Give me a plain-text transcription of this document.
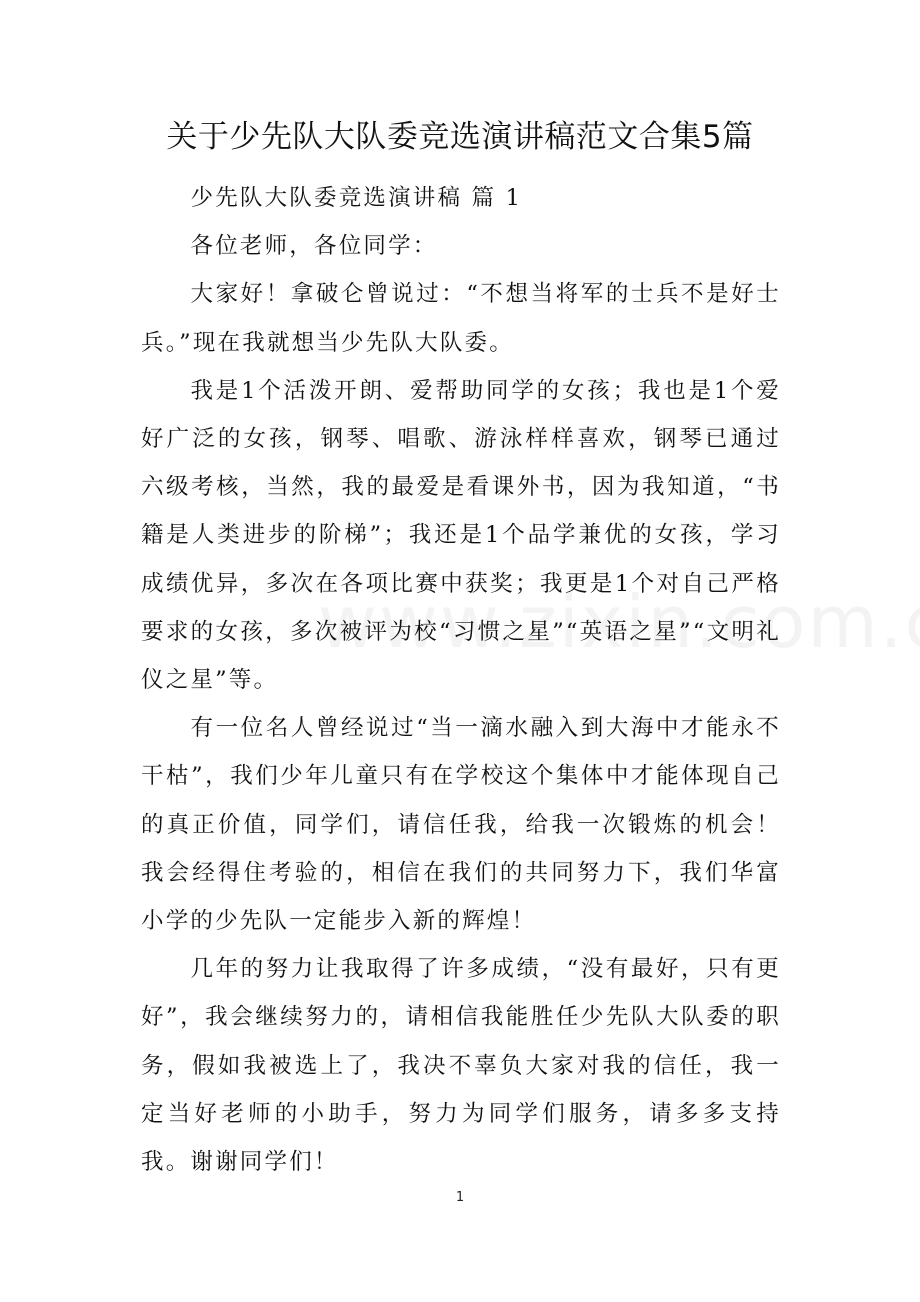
关于少先队大队委竞选演讲稿范文合集5篇

少先队大队委竞选演讲稿 篇 1

各位老师，各位同学：

大家好！拿破仑曾说过：“不想当将军的士兵不是好士兵。”现在我就想当少先队大队委。

我是1个活泼开朗、爱帮助同学的女孩；我也是1个爱好广泛的女孩，钢琴、唱歌、游泳样样喜欢，钢琴已通过六级考核，当然，我的最爱是看课外书，因为我知道，“书籍是人类进步的阶梯”；我还是1个品学兼优的女孩，学习成绩优异，多次在各项比赛中获奖；我更是1个对自己严格要求的女孩，多次被评为校“习惯之星”“英语之星”“文明礼仪之星”等。

有一位名人曾经说过“当一滴水融入到大海中才能永不干枯”，我们少年儿童只有在学校这个集体中才能体现自己的真正价值，同学们，请信任我，给我一次锻炼的机会！我会经得住考验的，相信在我们的共同努力下，我们华富小学的少先队一定能步入新的辉煌！

几年的努力让我取得了许多成绩，“没有最好，只有更好”，我会继续努力的，请相信我能胜任少先队大队委的职务，假如我被选上了，我决不辜负大家对我的信任，我一定当好老师的小助手，努力为同学们服务，请多多支持我。谢谢同学们！

1
